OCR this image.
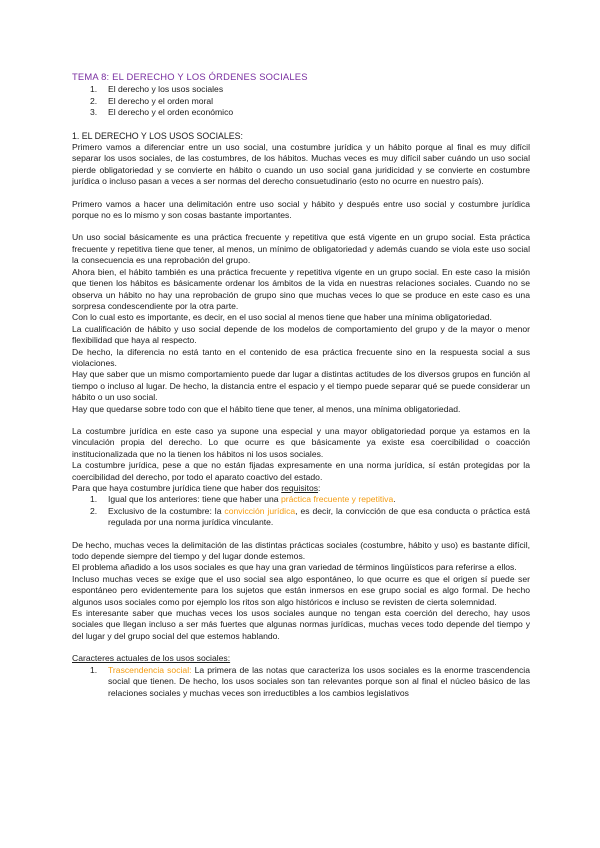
TEMA 8: EL DERECHO Y LOS ÓRDENES SOCIALES
1.	El derecho y los usos sociales
2.	El derecho y el orden moral
3.	El derecho y el orden económico
1. EL DERECHO Y LOS USOS SOCIALES:

Primero vamos a diferenciar entre un uso social, una costumbre jurídica y un hábito porque al final es muy difícil separar los usos sociales, de las costumbres, de los hábitos. Muchas veces es muy difícil saber cuándo un uso social pierde obligatoriedad y se convierte en hábito o cuando un uso social gana juridicidad y se convierte en costumbre jurídica o incluso pasan a veces a ser normas del derecho consuetudinario (esto no ocurre en nuestro país).

Primero vamos a hacer una delimitación entre uso social y hábito y después entre uso social y costumbre jurídica porque no es lo mismo y son cosas bastante importantes.

Un uso social básicamente es una práctica frecuente y repetitiva que está vigente en un grupo social. Esta práctica frecuente y repetitiva tiene que tener, al menos, un mínimo de obligatoriedad y además cuando se viola este uso social la consecuencia es una reprobación del grupo.

Ahora bien, el hábito también es una práctica frecuente y repetitiva vigente en un grupo social. En este caso la misión que tienen los hábitos es básicamente ordenar los ámbitos de la vida en nuestras relaciones sociales. Cuando no se observa un hábito no hay una reprobación de grupo sino que muchas veces lo que se produce en este caso es una sorpresa condescendiente por la otra parte.

Con lo cual esto es importante, es decir, en el uso social al menos tiene que haber una mínima obligatoriedad.

La cualificación de hábito y uso social depende de los modelos de comportamiento del grupo y de la mayor o menor flexibilidad que haya al respecto.

De hecho, la diferencia no está tanto en el contenido de esa práctica frecuente sino en la respuesta social a sus violaciones.

Hay que saber que un mismo comportamiento puede dar lugar a distintas actitudes de los diversos grupos en función al tiempo o incluso al lugar. De hecho, la distancia entre el espacio y el tiempo puede separar qué se puede considerar un hábito o un uso social.

Hay que quedarse sobre todo con que el hábito tiene que tener, al menos, una mínima obligatoriedad.

La costumbre jurídica en este caso ya supone una especial y una mayor obligatoriedad porque ya estamos en la vinculación propia del derecho. Lo que ocurre es que básicamente ya existe esa coercibilidad o coacción institucionalizada que no la tienen los hábitos ni los usos sociales.

La costumbre jurídica, pese a que no están fijadas expresamente en una norma jurídica, sí están protegidas por la coercibilidad del derecho, por todo el aparato coactivo del estado.

Para que haya costumbre jurídica tiene que haber dos requisitos:

1.	Igual que los anteriores: tiene que haber una práctica frecuente y repetitiva.
2.	Exclusivo de la costumbre: la convicción jurídica, es decir, la convicción de que esa conducta o práctica está regulada por una norma jurídica vinculante.

De hecho, muchas veces la delimitación de las distintas prácticas sociales (costumbre, hábito y uso) es bastante difícil, todo depende siempre del tiempo y del lugar donde estemos.

El problema añadido a los usos sociales es que hay una gran variedad de términos lingüísticos para referirse a ellos.

Incluso muchas veces se exige que el uso social sea algo espontáneo, lo que ocurre es que el origen sí puede ser espontáneo pero evidentemente para los sujetos que están inmersos en ese grupo social es algo formal. De hecho algunos usos sociales como por ejemplo los ritos son algo históricos e incluso se revisten de cierta solemnidad.

Es interesante saber que muchas veces los usos sociales aunque no tengan esta coerción del derecho, hay usos sociales que llegan incluso a ser más fuertes que algunas normas jurídicas, muchas veces todo depende del tiempo y del lugar y del grupo social del que estemos hablando.

Caracteres actuales de los usos sociales:

1.	Trascendencia social: La primera de las notas que caracteriza los usos sociales es la enorme trascendencia social que tienen. De hecho, los usos sociales son tan relevantes porque son al final el núcleo básico de las relaciones sociales y muchas veces son irreductibles a los cambios legislativos
